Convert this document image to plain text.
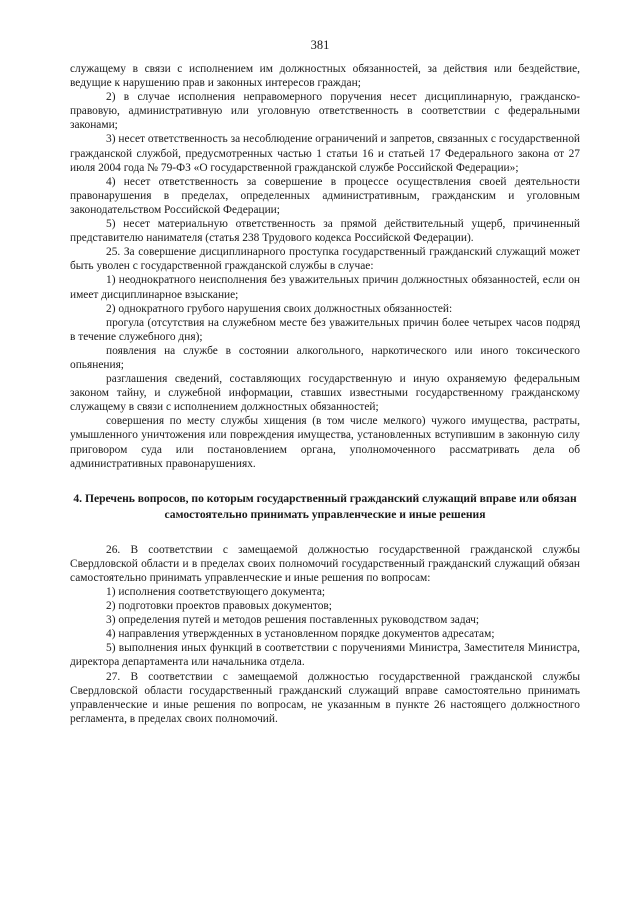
381

служащему в связи с исполнением им должностных обязанностей, за действия или бездействие, ведущие к нарушению прав и законных интересов граждан;

2) в случае исполнения неправомерного поручения несет дисциплинарную, гражданско-правовую, административную или уголовную ответственность в соответствии с федеральными законами;

3) несет ответственность за несоблюдение ограничений и запретов, связанных с государственной гражданской службой, предусмотренных частью 1 статьи 16 и статьей 17 Федерального закона от 27 июля 2004 года № 79-ФЗ «О государственной гражданской службе Российской Федерации»;

4) несет ответственность за совершение в процессе осуществления своей деятельности правонарушения в пределах, определенных административным, гражданским и уголовным законодательством Российской Федерации;

5) несет материальную ответственность за прямой действительный ущерб, причиненный представителю нанимателя (статья 238 Трудового кодекса Российской Федерации).

25. За совершение дисциплинарного проступка государственный гражданский служащий может быть уволен с государственной гражданской службы в случае:

1) неоднократного неисполнения без уважительных причин должностных обязанностей, если он имеет дисциплинарное взыскание;

2) однократного грубого нарушения своих должностных обязанностей:

прогула (отсутствия на служебном месте без уважительных причин более четырех часов подряд в течение служебного дня);

появления на службе в состоянии алкогольного, наркотического или иного токсического опьянения;

разглашения сведений, составляющих государственную и иную охраняемую федеральным законом тайну, и служебной информации, ставших известными государственному гражданскому служащему в связи с исполнением должностных обязанностей;

совершения по месту службы хищения (в том числе мелкого) чужого имущества, растраты, умышленного уничтожения или повреждения имущества, установленных вступившим в законную силу приговором суда или постановлением органа, уполномоченного рассматривать дела об административных правонарушениях.

4. Перечень вопросов, по которым государственный гражданский служащий вправе или обязан самостоятельно принимать управленческие и иные решения

26. В соответствии с замещаемой должностью государственной гражданской службы Свердловской области и в пределах своих полномочий государственный гражданский служащий обязан самостоятельно принимать управленческие и иные решения по вопросам:

1) исполнения соответствующего документа;

2) подготовки проектов правовых документов;

3) определения путей и методов решения поставленных руководством задач;

4) направления утвержденных в установленном порядке документов адресатам;

5) выполнения иных функций в соответствии с поручениями Министра, Заместителя Министра, директора департамента или начальника отдела.

27. В соответствии с замещаемой должностью государственной гражданской службы Свердловской области государственный гражданский служащий вправе самостоятельно принимать управленческие и иные решения по вопросам, не указанным в пункте 26 настоящего должностного регламента, в пределах своих полномочий.
